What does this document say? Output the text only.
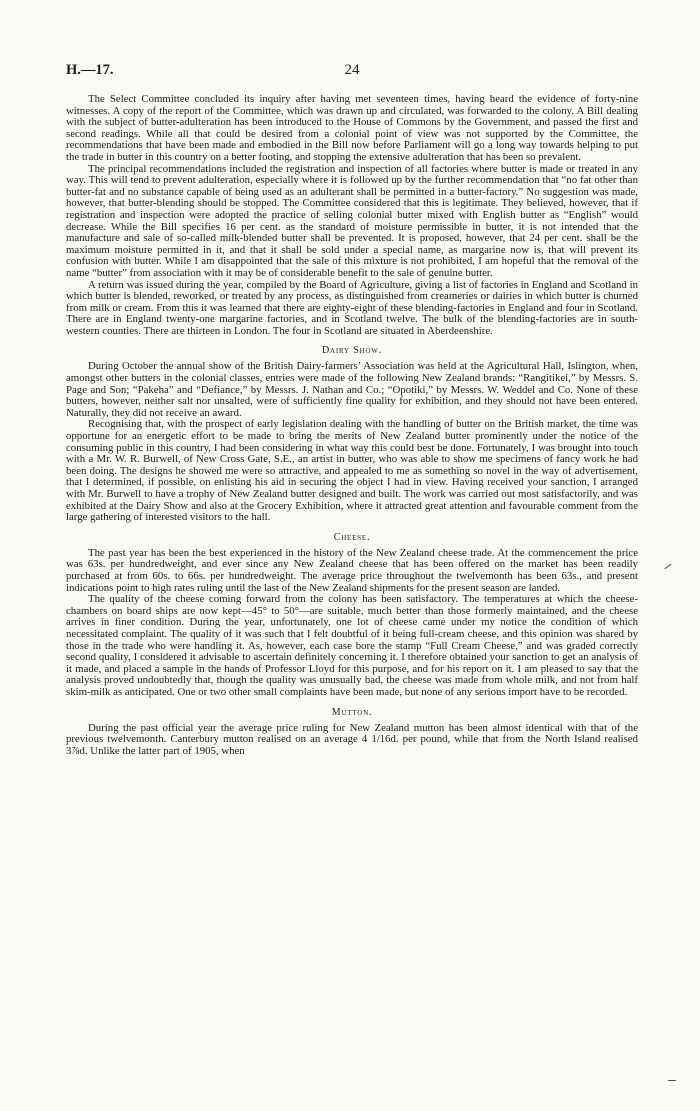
H.—17.	24

The Select Committee concluded its inquiry after having met seventeen times, having heard the evidence of forty-nine witnesses. A copy of the report of the Committee, which was drawn up and circulated, was forwarded to the colony. A Bill dealing with the subject of butter-adulteration has been introduced to the House of Commons by the Government, and passed the first and second readings. While all that could be desired from a colonial point of view was not supported by the Committee, the recommendations that have been made and embodied in the Bill now before Parliament will go a long way towards helping to put the trade in butter in this country on a better footing, and stopping the extensive adulteration that has been so prevalent.

The principal recommendations included the registration and inspection of all factories where butter is made or treated in any way. This will tend to prevent adulteration, especially where it is followed up by the further recommendation that “no fat other than butter-fat and no substance capable of being used as an adulterant shall be permitted in a butter-factory.” No suggestion was made, however, that butter-blending should be stopped. The Committee considered that this is legitimate. They believed, however, that if registration and inspection were adopted the practice of selling colonial butter mixed with English butter as “English” would decrease. While the Bill specifies 16 per cent. as the standard of moisture permissible in butter, it is not intended that the manufacture and sale of so-called milk-blended butter shall be prevented. It is proposed, however, that 24 per cent. shall be the maximum moisture permitted in it, and that it shall be sold under a special name, as margarine now is, that will prevent its confusion with butter. While I am disappointed that the sale of this mixture is not prohibited, I am hopeful that the removal of the name “butter” from association with it may be of considerable benefit to the sale of genuine butter.

A return was issued during the year, compiled by the Board of Agriculture, giving a list of factories in England and Scotland in which butter is blended, reworked, or treated by any process, as distinguished from creameries or dairies in which butter is churned from milk or cream. From this it was learned that there are eighty-eight of these blending-factories in England and four in Scotland. There are in England twenty-one margarine factories, and in Scotland twelve. The bulk of the blending-factories are in south-western counties. There are thirteen in London. The four in Scotland are situated in Aberdeenshire.

Dairy Show.

During October the annual show of the British Dairy-farmers’ Association was held at the Agricultural Hall, Islington, when, amongst other butters in the colonial classes, entries were made of the following New Zealand brands: “Rangitikei,” by Messrs. S. Page and Son; “Pakeha” and “Defiance,” by Messrs. J. Nathan and Co.; “Opotiki,” by Messrs. W. Weddel and Co. None of these butters, however, neither salt nor unsalted, were of sufficiently fine quality for exhibition, and they should not have been entered. Naturally, they did not receive an award.

Recognising that, with the prospect of early legislation dealing with the handling of butter on the British market, the time was opportune for an energetic effort to be made to bring the merits of New Zealand butter prominently under the notice of the consuming public in this country, I had been considering in what way this could best be done. Fortunately, I was brought into touch with a Mr. W. R. Burwell, of New Cross Gate, S.E., an artist in butter, who was able to show me specimens of fancy work he had been doing. The designs he showed me were so attractive, and appealed to me as something so novel in the way of advertisement, that I determined, if possible, on enlisting his aid in securing the object I had in view. Having received your sanction, I arranged with Mr. Burwell to have a trophy of New Zealand butter designed and built. The work was carried out most satisfactorily, and was exhibited at the Dairy Show and also at the Grocery Exhibition, where it attracted great attention and favourable comment from the large gathering of interested visitors to the hall.

Cheese.

The past year has been the best experienced in the history of the New Zealand cheese trade. At the commencement the price was 63s. per hundredweight, and ever since any New Zealand cheese that has been offered on the market has been readily purchased at from 60s. to 66s. per hundredweight. The average price throughout the twelvemonth has been 63s., and present indications point to high rates ruling until the last of the New Zealand shipments for the present season are landed.

The quality of the cheese coming forward from the colony has been satisfactory. The temperatures at which the cheese-chambers on board ships are now kept—45° to 50°—are suitable, much better than those formerly maintained, and the cheese arrives in finer condition. During the year, unfortunately, one lot of cheese came under my notice the condition of which necessitated complaint. The quality of it was such that I felt doubtful of it being full-cream cheese, and this opinion was shared by those in the trade who were handling it. As, however, each case bore the stamp “Full Cream Cheese,” and was graded correctly second quality, I considered it advisable to ascertain definitely concerning it. I therefore obtained your sanction to get an analysis of it made, and placed a sample in the hands of Professor Lloyd for this purpose, and for his report on it. I am pleased to say that the analysis proved undoubtedly that, though the quality was unusually bad, the cheese was made from whole milk, and not from half skim-milk as anticipated. One or two other small complaints have been made, but none of any serious import have to be recorded.

Mutton.

During the past official year the average price ruling for New Zealand mutton has been almost identical with that of the previous twelvemonth. Canterbury mutton realised on an average 4 1/16d. per pound, while that from the North Island realised 3⅞d. Unlike the latter part of 1905, when
